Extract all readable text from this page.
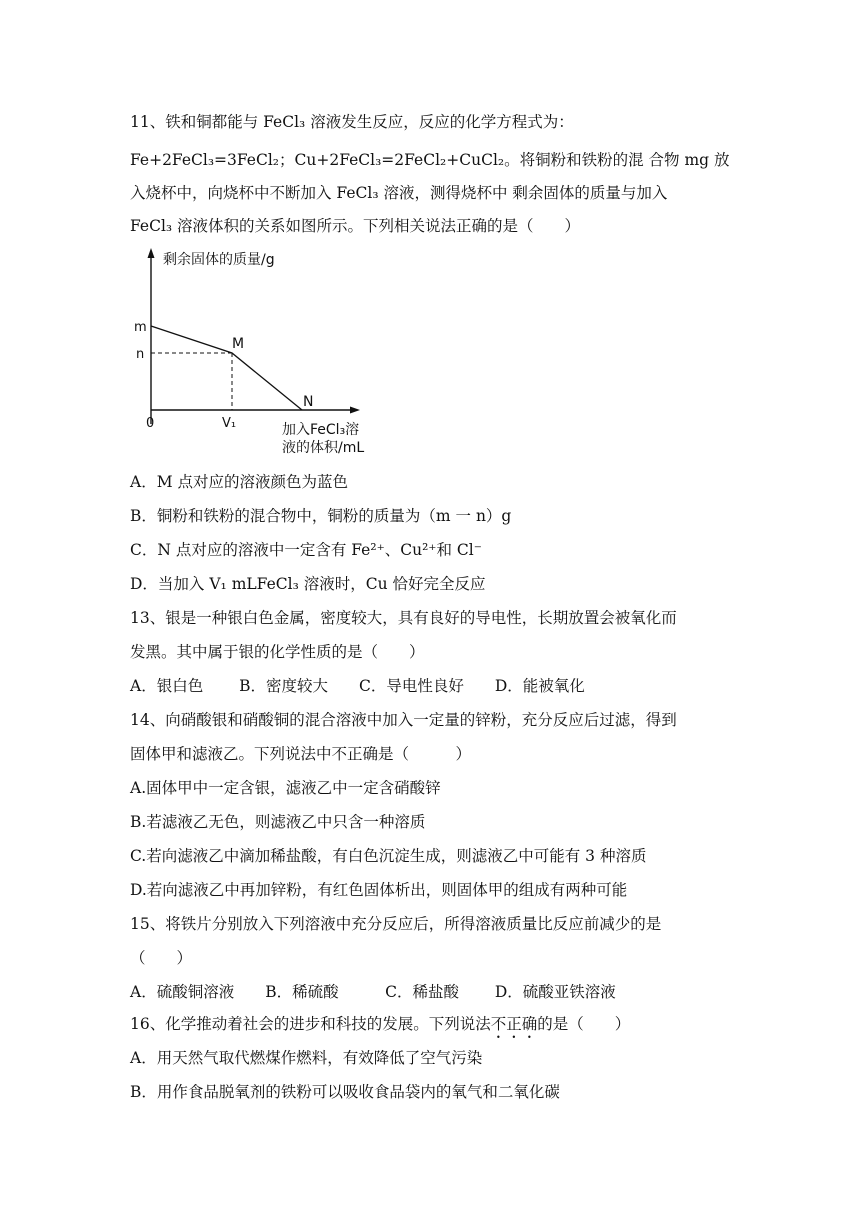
11、铁和铜都能与 FeCl₃ 溶液发生反应，反应的化学方程式为：
Fe+2FeCl₃=3FeCl₂；Cu+2FeCl₃=2FeCl₂+CuCl₂。将铜粉和铁粉的混 合物 mg 放
入烧杯中，向烧杯中不断加入 FeCl₃ 溶液，测得烧杯中 剩余固体的质量与加入
FeCl₃ 溶液体积的关系如图所示。下列相关说法正确的是（　　）
剩余固体的质量/g
m
n
M
N
0	V₁	加入FeCl₃溶
液的体积/mL
A．M 点对应的溶液颜色为蓝色
B．铜粉和铁粉的混合物中，铜粉的质量为（m 一 n）g
C．N 点对应的溶液中一定含有 Fe²⁺、Cu²⁺和 Cl⁻
D．当加入 V₁ mLFeCl₃ 溶液时，Cu 恰好完全反应
13、银是一种银白色金属，密度较大，具有良好的导电性，长期放置会被氧化而
发黑。其中属于银的化学性质的是（　　）
A．银白色　　 B．密度较大　　C．导电性良好　　D．能被氧化
14、向硝酸银和硝酸铜的混合溶液中加入一定量的锌粉，充分反应后过滤，得到
固体甲和滤液乙。下列说法中不正确是（　　　）
A.固体甲中一定含银，滤液乙中一定含硝酸锌
B.若滤液乙无色，则滤液乙中只含一种溶质
C.若向滤液乙中滴加稀盐酸，有白色沉淀生成，则滤液乙中可能有 3 种溶质
D.若向滤液乙中再加锌粉，有红色固体析出，则固体甲的组成有两种可能
15、将铁片分别放入下列溶液中充分反应后，所得溶液质量比反应前减少的是
（　　）
A．硫酸铜溶液　　B．稀硫酸　　　C．稀盐酸　　 D．硫酸亚铁溶液
16、化学推动着社会的进步和科技的发展。下列说法不正确的是（　　）
A．用天然气取代燃煤作燃料，有效降低了空气污染
B．用作食品脱氧剂的铁粉可以吸收食品袋内的氧气和二氧化碳
